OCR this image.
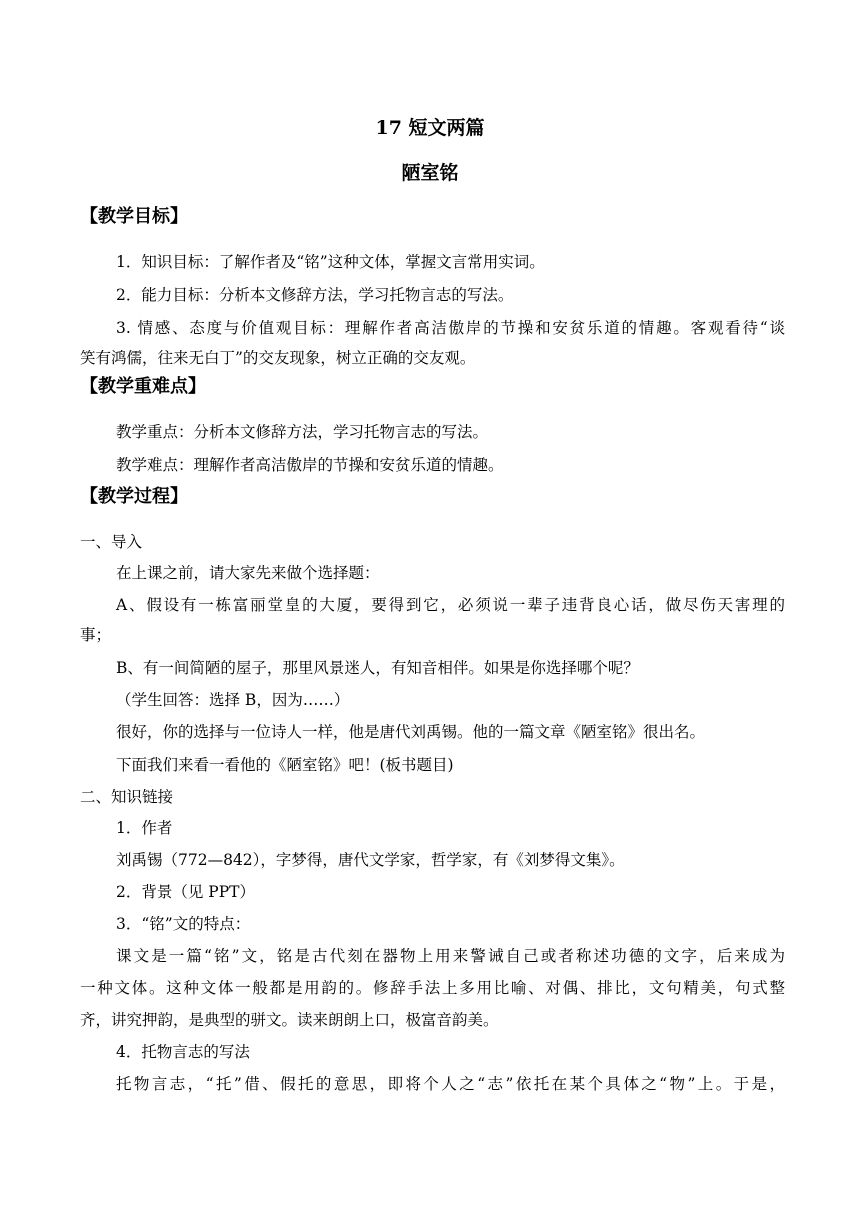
17 短文两篇
陋室铭
【教学目标】
1．知识目标：了解作者及“铭”这种文体，掌握文言常用实词。
2．能力目标：分析本文修辞方法，学习托物言志的写法。
3. 情感、态度与价值观目标：理解作者高洁傲岸的节操和安贫乐道的情趣。客观看待“谈
笑有鸿儒，往来无白丁”的交友现象，树立正确的交友观。
【教学重难点】
教学重点：分析本文修辞方法，学习托物言志的写法。
教学难点：理解作者高洁傲岸的节操和安贫乐道的情趣。
【教学过程】
一、导入
在上课之前，请大家先来做个选择题：
A、假设有一栋富丽堂皇的大厦，要得到它，必须说一辈子违背良心话，做尽伤天害理的
事；
B、有一间简陋的屋子，那里风景迷人，有知音相伴。如果是你选择哪个呢？
（学生回答：选择 B，因为……）
很好，你的选择与一位诗人一样，他是唐代刘禹锡。他的一篇文章《陋室铭》很出名。
下面我们来看一看他的《陋室铭》吧！(板书题目)
二、知识链接
1．作者
刘禹锡（772—842），字梦得，唐代文学家，哲学家，有《刘梦得文集》。
2．背景（见 PPT）
3．“铭”文的特点：
课文是一篇“铭”文，铭是古代刻在器物上用来警诫自己或者称述功德的文字，后来成为
一种文体。这种文体一般都是用韵的。修辞手法上多用比喻、对偶、排比，文句精美，句式整
齐，讲究押韵，是典型的骈文。读来朗朗上口，极富音韵美。
4．托物言志的写法
托物言志，“托”借、假托的意思，即将个人之“志”依托在某个具体之“物”上。于是，
